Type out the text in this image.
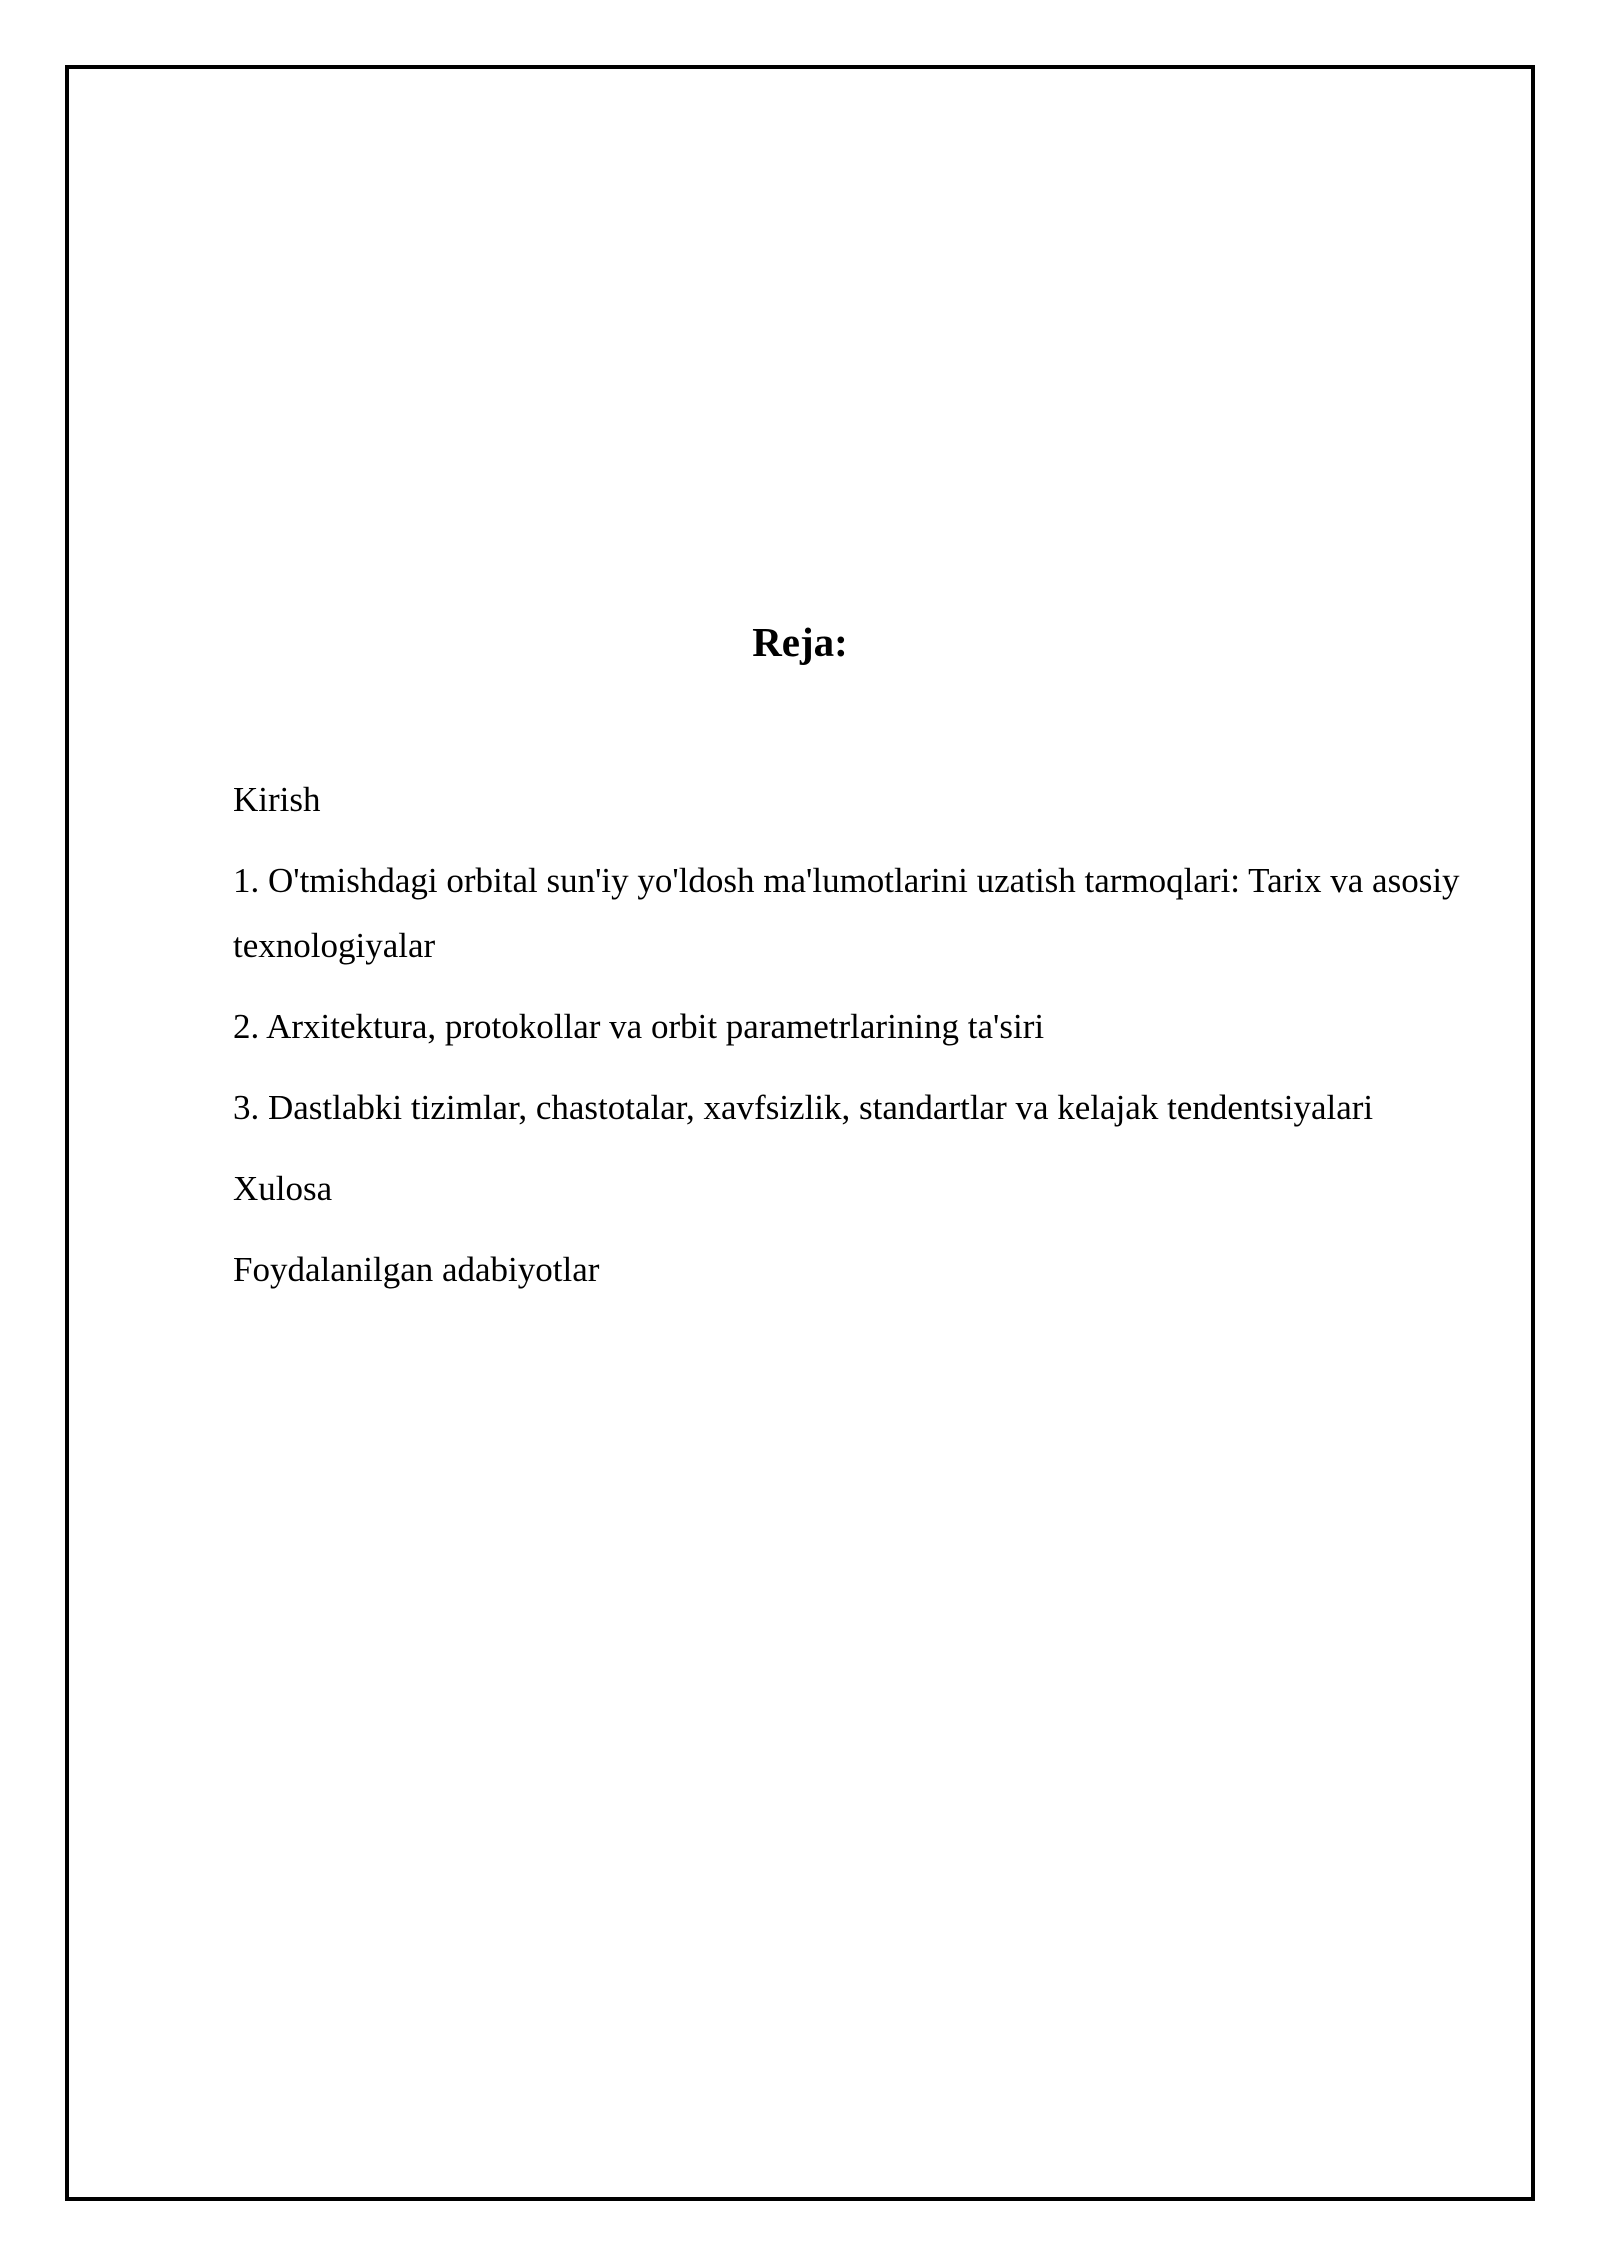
Reja:
Kirish
1. O'tmishdagi orbital sun'iy yo'ldosh ma'lumotlarini uzatish tarmoqlari: Tarix va asosiy texnologiyalar
2. Arxitektura, protokollar va orbit parametrlarining ta'siri
3. Dastlabki tizimlar, chastotalar, xavfsizlik, standartlar va kelajak tendentsiyalari
Xulosa
Foydalanilgan adabiyotlar
